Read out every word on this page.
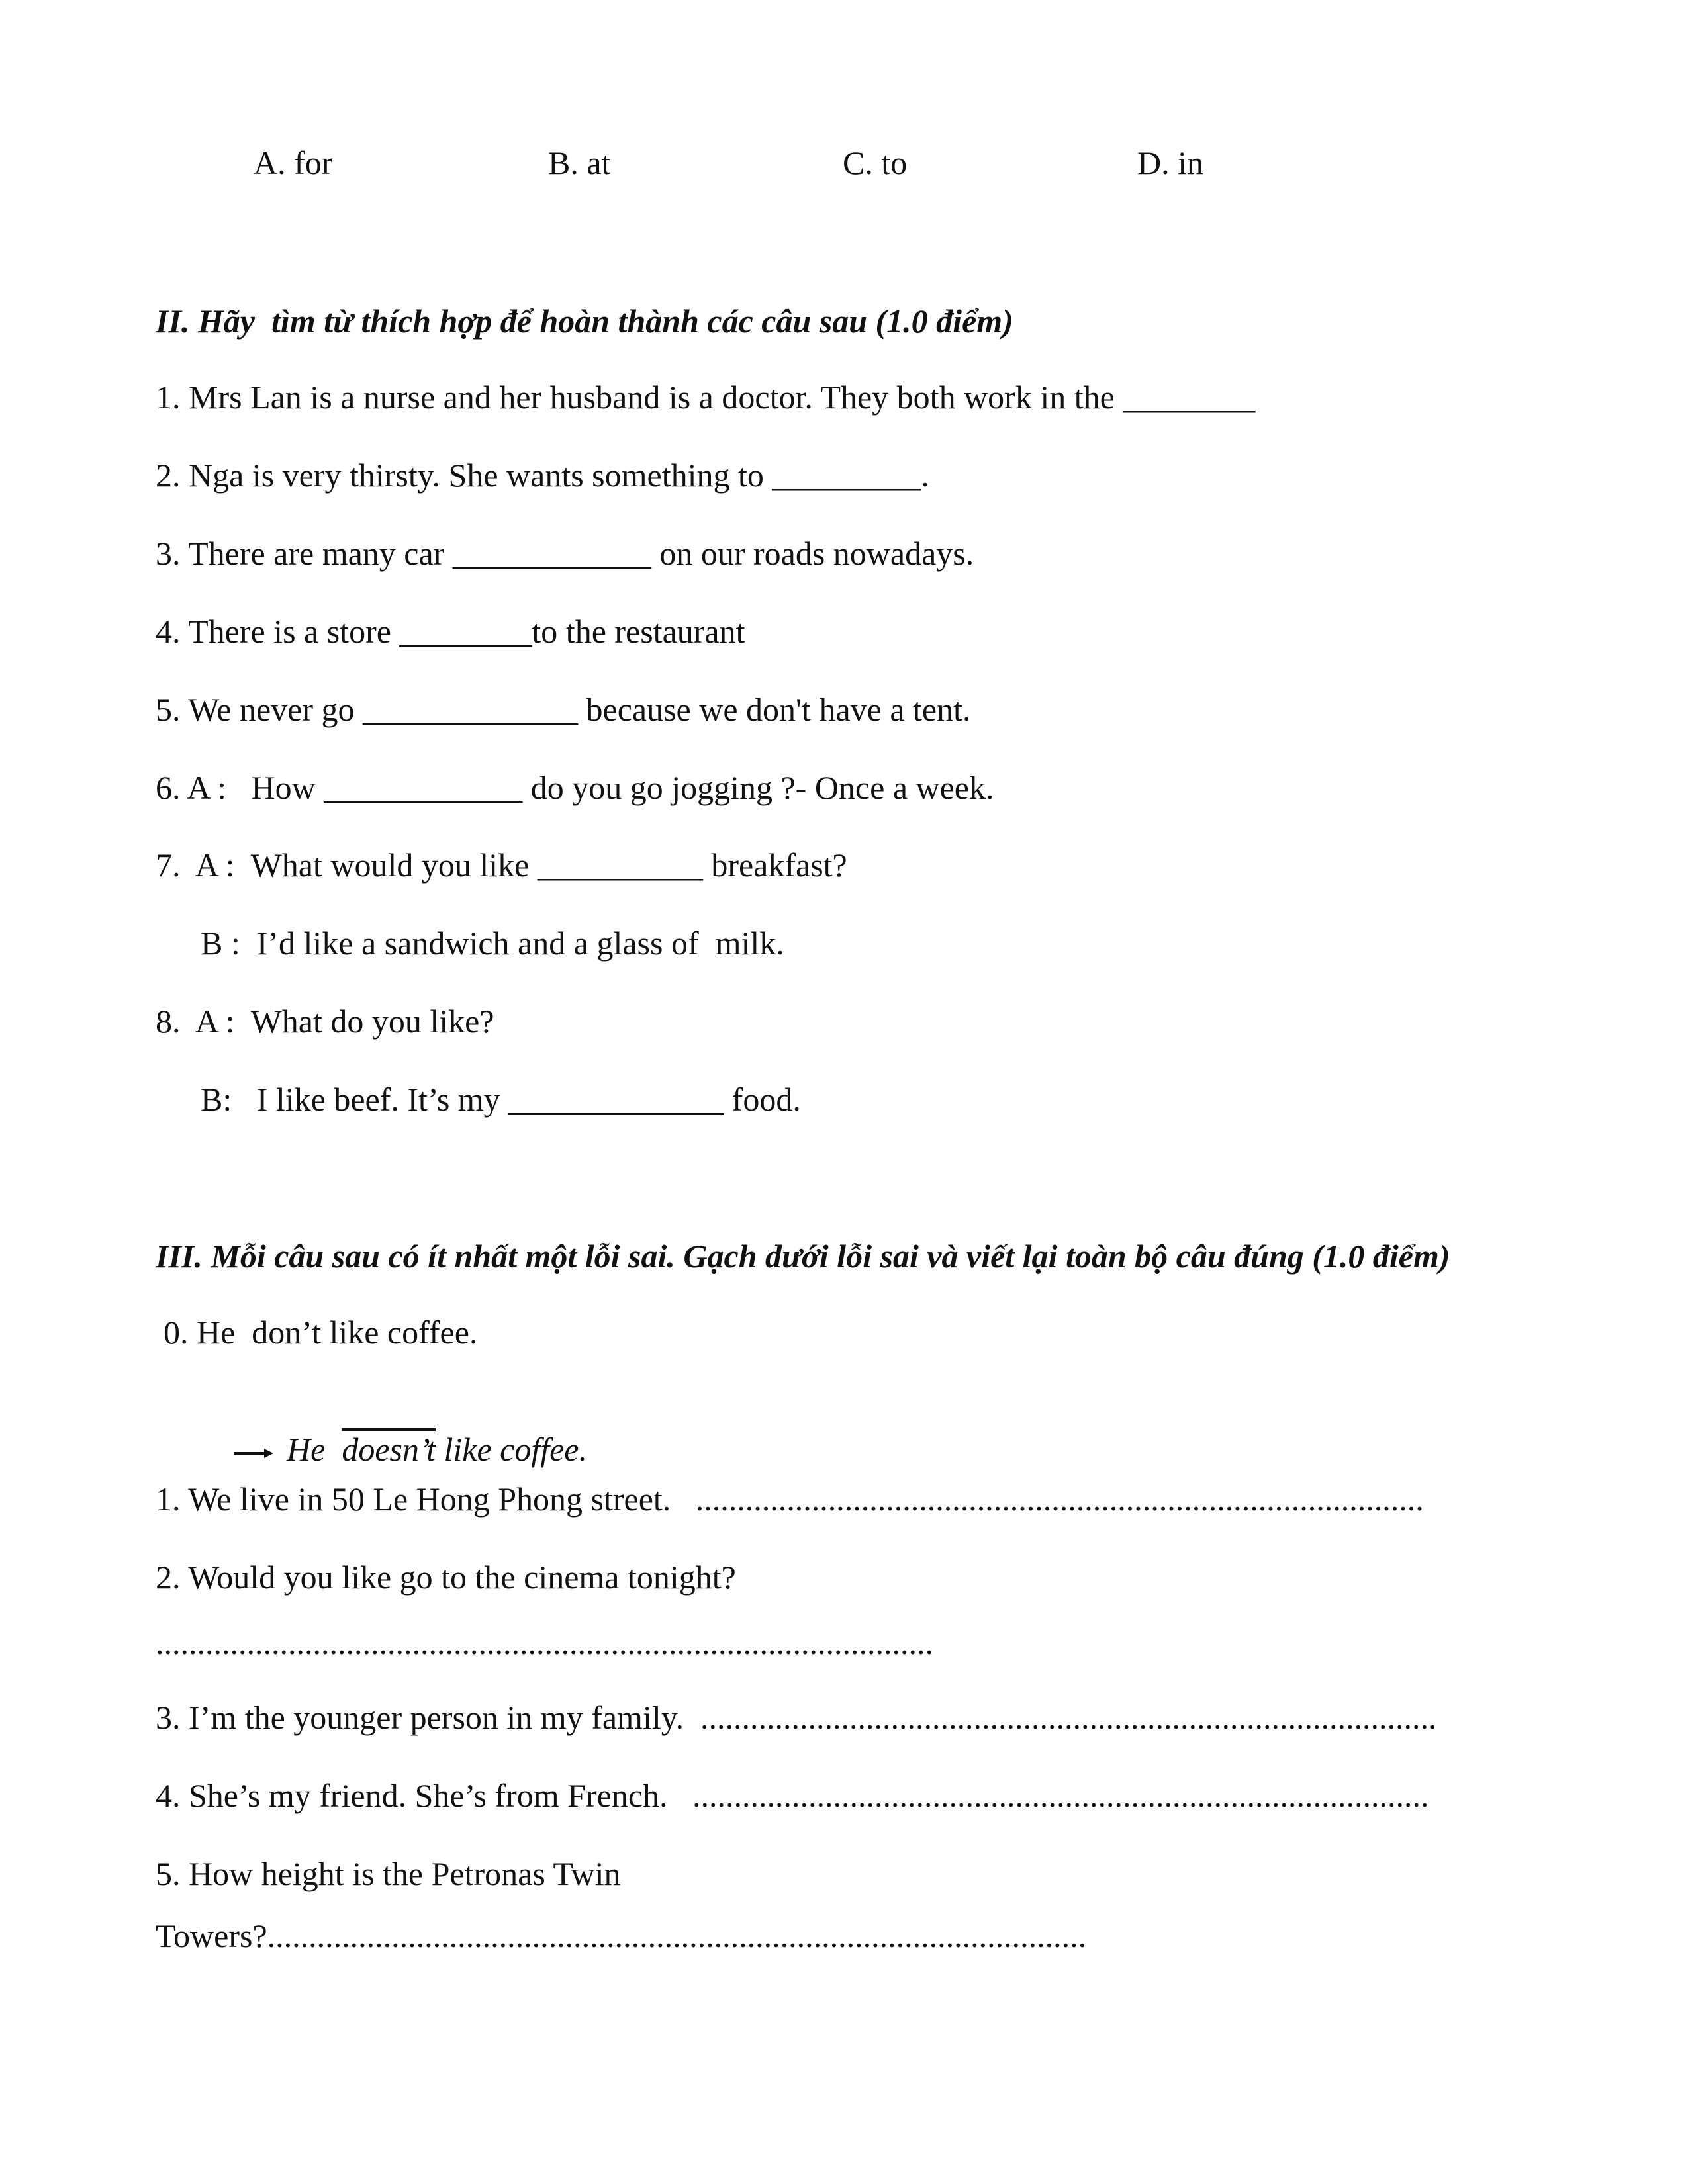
A. for	B. at	C. to	D. in
II. Hãy  tìm từ thích hợp để hoàn thành các câu sau (1.0 điểm)
1. Mrs Lan is a nurse and her husband is a doctor. They both work in the ________
2. Nga is very thirsty. She wants something to _________.
3. There are many car ____________ on our roads nowadays.
4. There is a store ________to the restaurant
5. We never go _____________ because we don't have a tent.
6. A :   How ____________ do you go jogging ?- Once a week.
7.  A :  What would you like __________ breakfast?
B :  I’d like a sandwich and a glass of  milk.
8.  A :  What do you like?
B:   I like beef. It’s my _____________ food.
III. Mỗi câu sau có ít nhất một lỗi sai. Gạch dưới lỗi sai và viết lại toàn bộ câu đúng (1.0 điểm)
0. He  don’t like coffee.

He  doesn’t like coffee.

1. We live in 50 Le Hong Phong street.   ........................................................................................
2. Would you like go to the cinema tonight?
..............................................................................................
3. I’m the younger person in my family.  .........................................................................................
4. She’s my friend. She’s from French.   .........................................................................................
5. How height is the Petronas Twin
Towers?...................................................................................................
